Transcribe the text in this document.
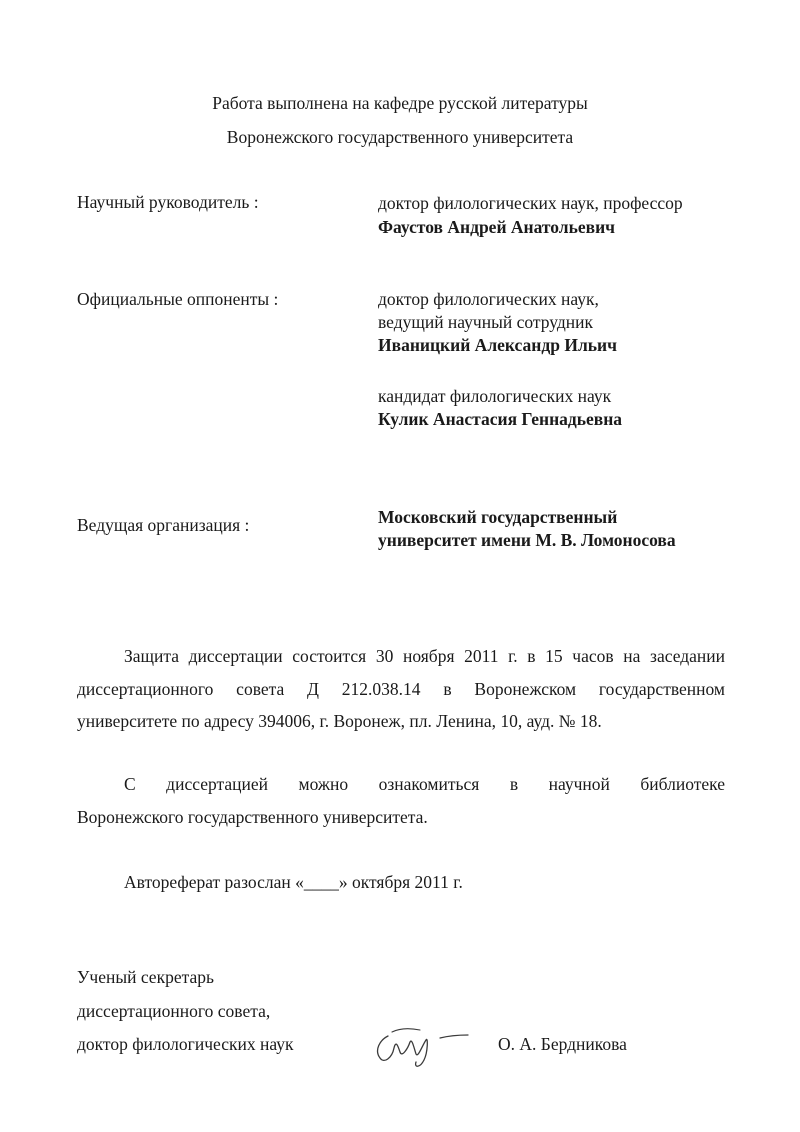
Работа выполнена на кафедре русской литературы
Воронежского государственного университета
Научный руководитель :	доктор филологических наук, профессор
Фаустов Андрей Анатольевич
Официальные оппоненты :	доктор филологических наук,
ведущий научный сотрудник
Иваницкий Александр Ильич
кандидат филологических наук
Кулик Анастасия Геннадьевна
Ведущая организация :	Московский государственный
университет имени М. В. Ломоносова
Защита диссертации состоится 30 ноября 2011 г. в 15 часов на заседании
диссертационного совета Д 212.038.14 в Воронежском государственном
университете по адресу 394006, г. Воронеж, пл. Ленина, 10, ауд. № 18.
С диссертацией можно ознакомиться в научной библиотеке
Воронежского государственного университета.
Автореферат разослан «____» октября 2011 г.
Ученый секретарь
диссертационного совета,
доктор филологических наук	О. А. Бердникова
